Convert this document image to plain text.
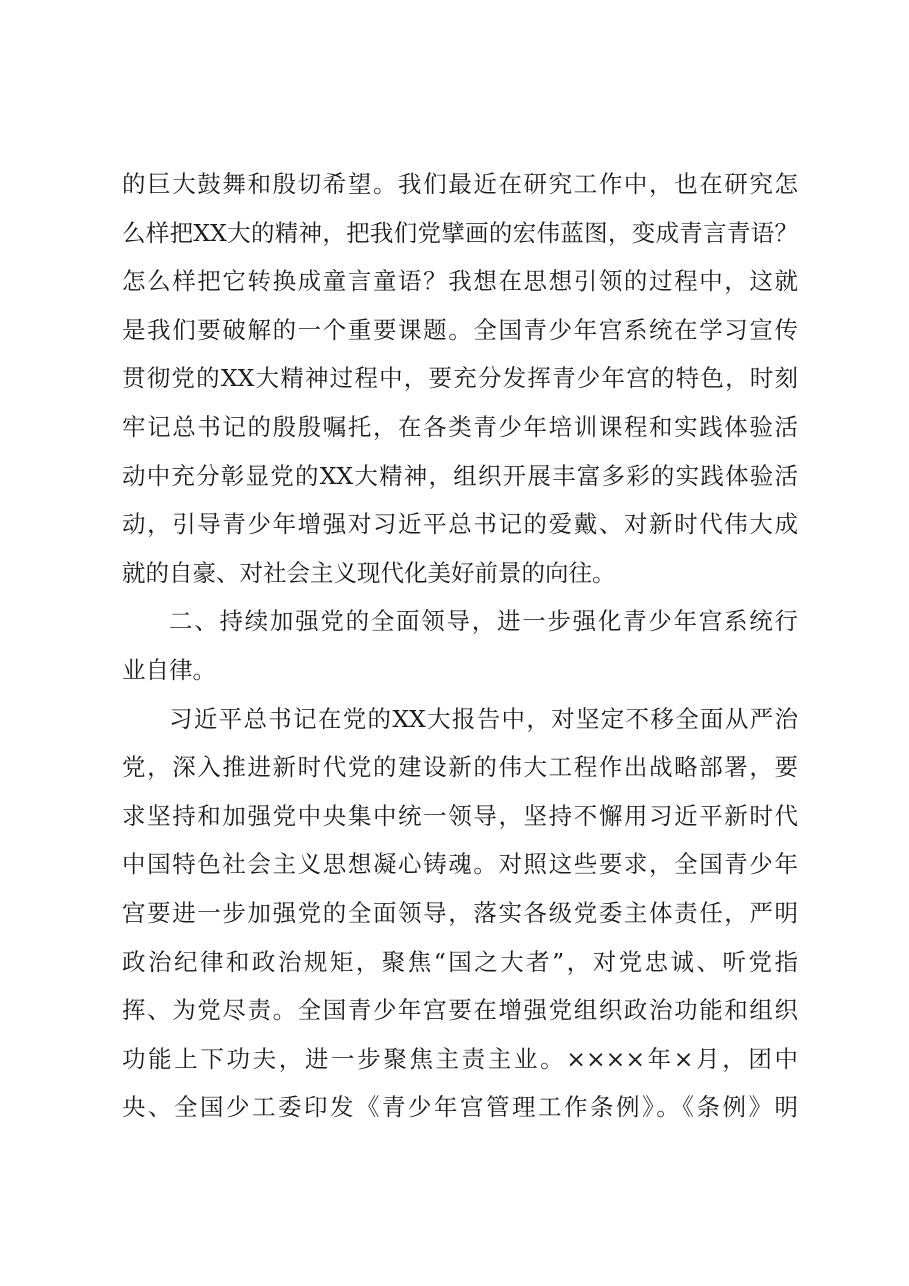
的巨大鼓舞和殷切希望。我们最近在研究工作中，也在研究怎
么样把XX大的精神，把我们党擘画的宏伟蓝图，变成青言青语？
怎么样把它转换成童言童语？我想在思想引领的过程中，这就
是我们要破解的一个重要课题。全国青少年宫系统在学习宣传
贯彻党的XX大精神过程中，要充分发挥青少年宫的特色，时刻
牢记总书记的殷殷嘱托，在各类青少年培训课程和实践体验活
动中充分彰显党的XX大精神，组织开展丰富多彩的实践体验活
动，引导青少年增强对习近平总书记的爱戴、对新时代伟大成
就的自豪、对社会主义现代化美好前景的向往。
二、持续加强党的全面领导，进一步强化青少年宫系统行
业自律。
习近平总书记在党的XX大报告中，对坚定不移全面从严治
党，深入推进新时代党的建设新的伟大工程作出战略部署，要
求坚持和加强党中央集中统一领导，坚持不懈用习近平新时代
中国特色社会主义思想凝心铸魂。对照这些要求，全国青少年
宫要进一步加强党的全面领导，落实各级党委主体责任，严明
政治纪律和政治规矩，聚焦“国之大者”，对党忠诚、听党指
挥、为党尽责。全国青少年宫要在增强党组织政治功能和组织
功能上下功夫，进一步聚焦主责主业。××××年×月，团中
央、全国少工委印发《青少年宫管理工作条例》。《条例》明
